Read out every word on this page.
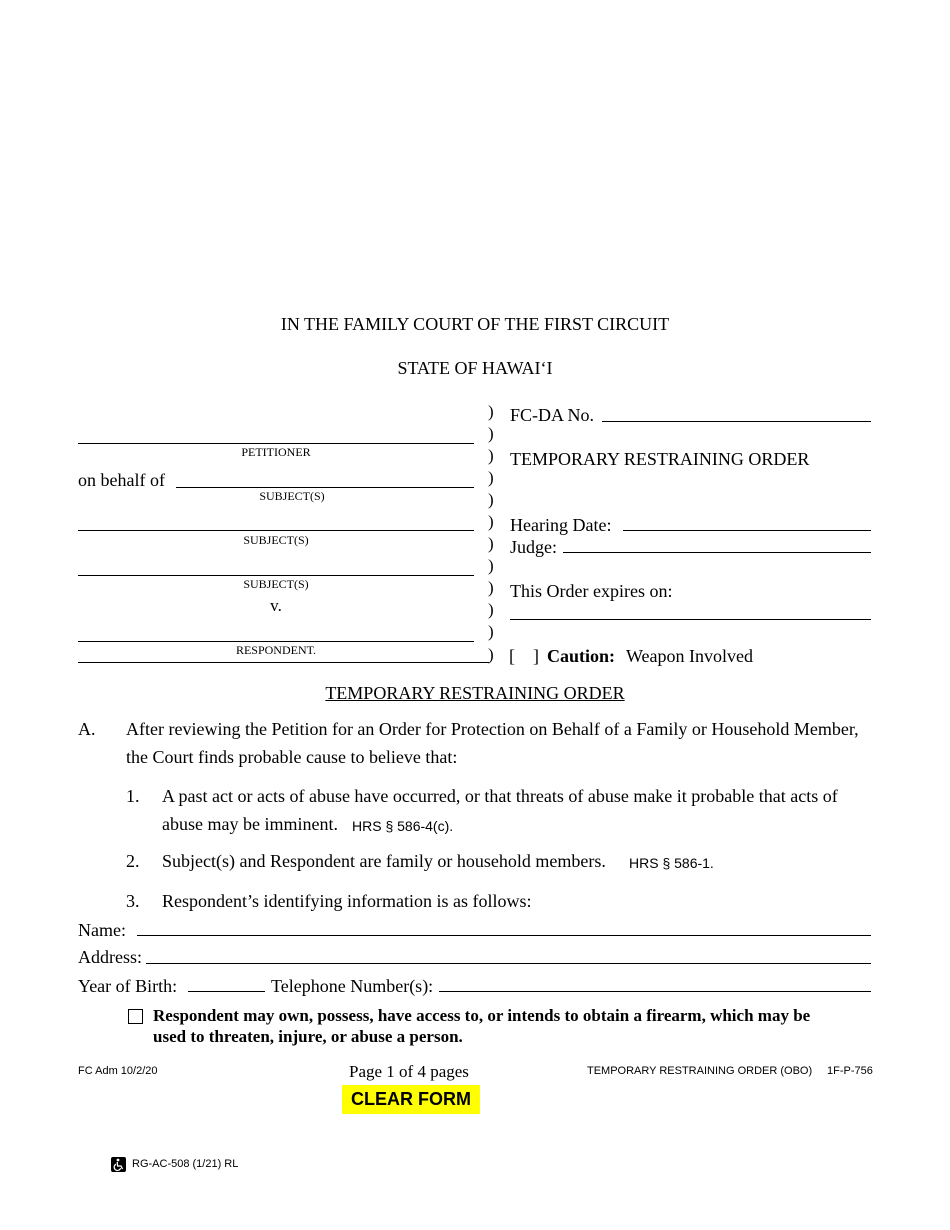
IN THE FAMILY COURT OF THE FIRST CIRCUIT
STATE OF HAWAI‘I
PETITIONER
on behalf of
SUBJECT(S)
SUBJECT(S)
SUBJECT(S)
v.
RESPONDENT.
)
)
)
)
)
)
)
)
)
)
)
)
FC-DA No.
TEMPORARY RESTRAINING ORDER
Hearing Date:
Judge:
This Order expires on:
[    ] Caution: Weapon Involved
TEMPORARY RESTRAINING ORDER
A. After reviewing the Petition for an Order for Protection on Behalf of a Family or Household Member,
the Court finds probable cause to believe that:
1. A past act or acts of abuse have occurred, or that threats of abuse make it probable that acts of
abuse may be imminent. HRS § 586-4(c).
2. Subject(s) and Respondent are family or household members. HRS § 586-1.
3. Respondent’s identifying information is as follows:
Name:
Address:
Year of Birth:	Telephone Number(s):
Respondent may own, possess, have access to, or intends to obtain a firearm, which may be
used to threaten, injure, or abuse a person.
FC Adm 10/2/20	Page 1 of 4 pages	TEMPORARY RESTRAINING ORDER (OBO) 1F-P-756
CLEAR FORM
RG-AC-508 (1/21) RL
